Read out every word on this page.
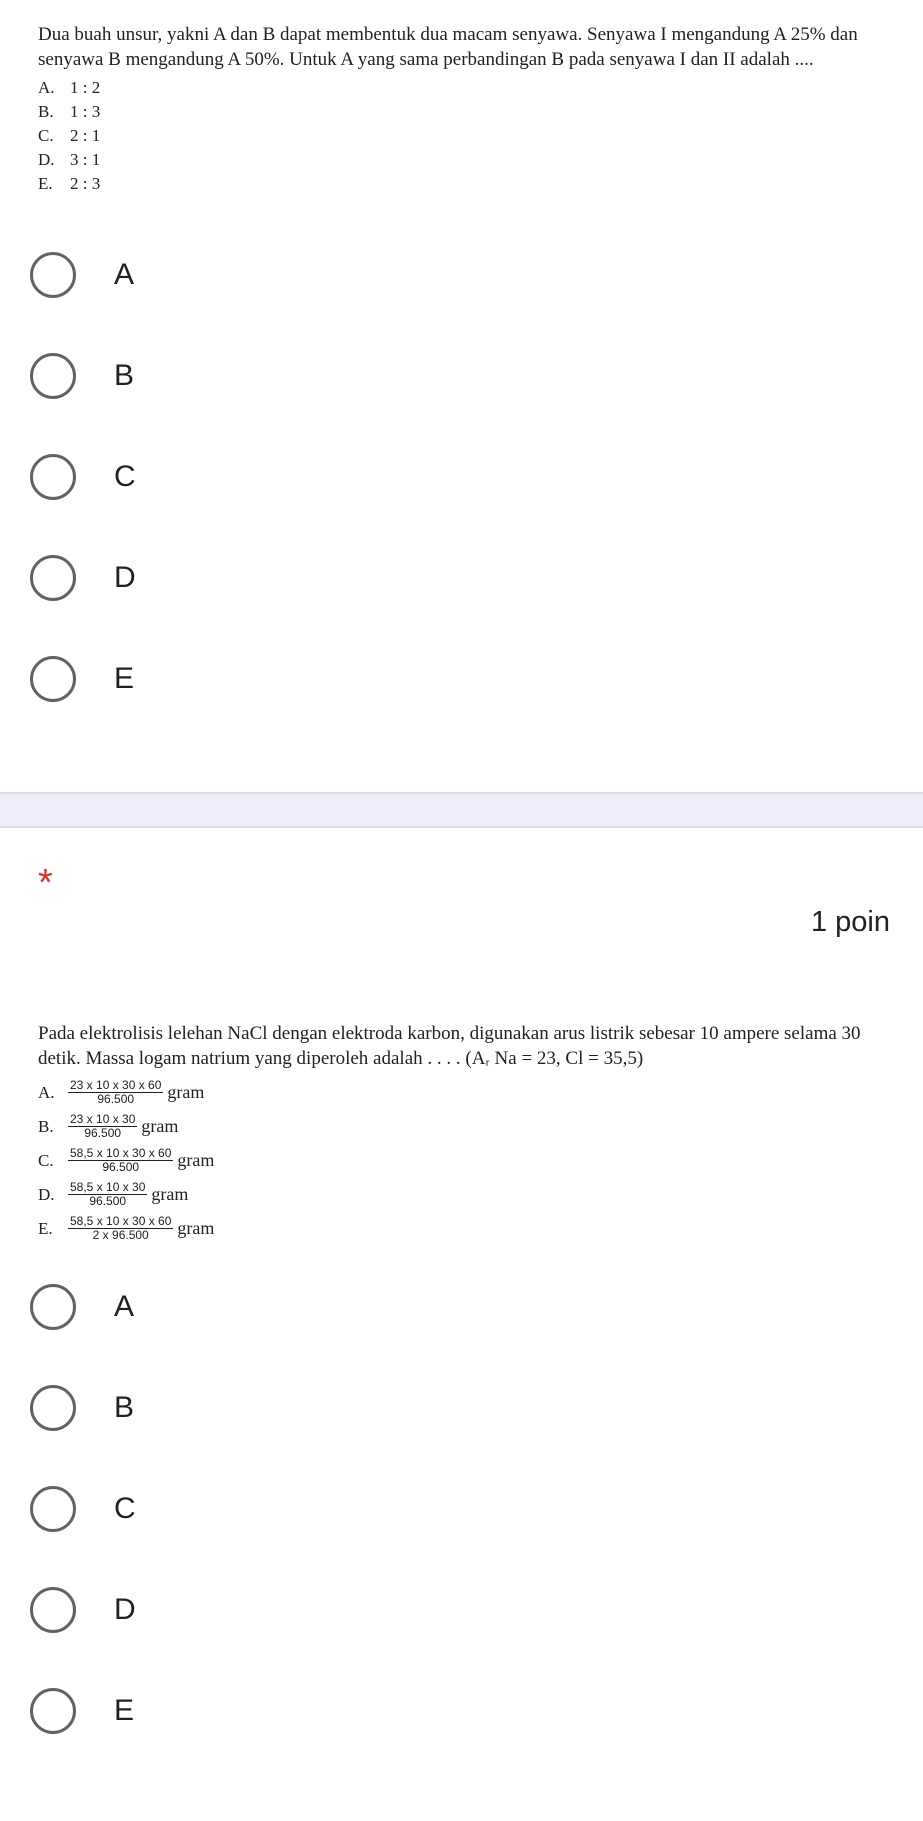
Dua buah unsur, yakni A dan B dapat membentuk dua macam senyawa. Senyawa I mengandung A 25% dan senyawa B mengandung A 50%. Untuk A yang sama perbandingan B pada senyawa I dan II adalah ....
A. 1 : 2
B. 1 : 3
C. 2 : 1
D. 3 : 1
E.	2 : 3
A
B
C
D
E
*
1 poin
Pada elektrolisis lelehan NaCl dengan elektroda karbon, digunakan arus listrik sebesar 10 ampere selama 30 detik. Massa logam natrium yang diperoleh adalah . . . . (Aᵣ Na = 23, Cl = 35,5)
A.	$\frac{23 x 10 x 30 x 60}{96.500}$ gram
B.	$\frac{23 x 10 x 30}{96.500}$ gram
C.	$\frac{58,5 x 10 x 30 x 60}{96.500}$ gram
D.	$\frac{58,5 x 10 x 30}{96.500}$ gram
E.	$\frac{58,5 x 10 x 30 x 60}{2 x 96.500}$ gram
A
B
C
D
E
